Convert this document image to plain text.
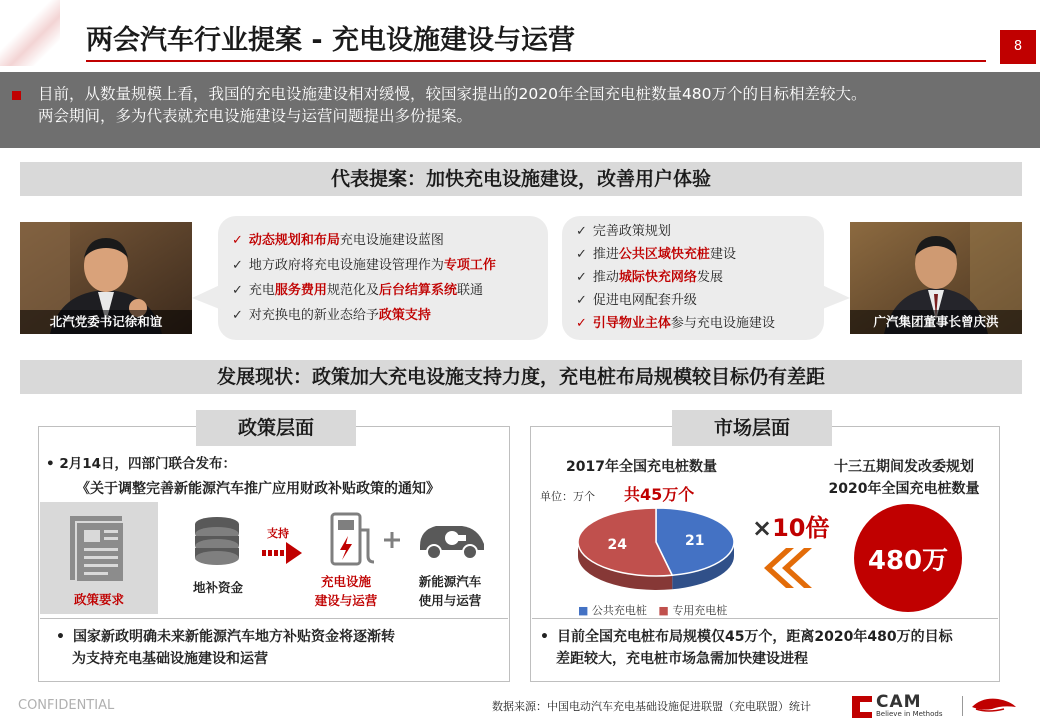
两会汽车行业提案 - 充电设施建设与运营	8
目前，从数量规模上看，我国的充电设施建设相对缓慢，较国家提出的2020年全国充电桩数量480万个的目标相差较大。
两会期间，多为代表就充电设施建设与运营问题提出多份提案。
代表提案：加快充电设施建设，改善用户体验
北汽党委书记徐和谊
✓ 动态规划和布局充电设施建设蓝图
✓ 地方政府将充电设施建设管理作为专项工作
✓ 充电服务费用规范化及后台结算系统联通
✓ 对充换电的新业态给予政策支持
✓ 完善政策规划
✓ 推进公共区域快充桩建设
✓ 推动城际快充网络发展
✓ 促进电网配套升级
✓ 引导物业主体参与充电设施建设	广汽集团董事长曾庆洪
发展现状：政策加大充电设施支持力度，充电桩布局规模较目标仍有差距
政策层面
• 2月14日，四部门联合发布：
《关于调整完善新能源汽车推广应用财政补贴政策的通知》
政策要求
地补资金
支持
充电设施
建设与运营
新能源汽车
使用与运营
• 国家新政明确未来新能源汽车地方补贴资金将逐渐转
为支持充电基础设施建设和运营
市场层面
2017年全国充电桩数量
单位：万个 共45万个
21
24
■ 公共充电桩 ■ 专用充电桩
×10倍
十三五期间发改委规划
2020年全国充电桩数量
480万
• 目前全国充电桩布局规模仅45万个，距离2020年480万的目标
差距较大，充电桩市场急需加快建设进程
CONFIDENTIAL	数据来源：中国电动汽车充电基础设施促进联盟（充电联盟）统计	CAM
Believe in Methods
